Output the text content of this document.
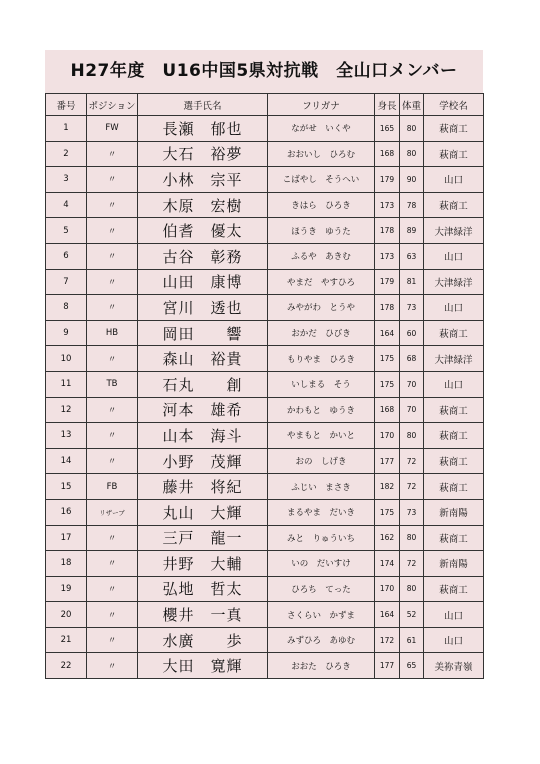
H27年度　U16中国5県対抗戦　全山口メンバー
番号	ポジション	選手氏名	フリガナ	身長	体重	学校名
1	FW	長瀬　郁也	ながせ　いくや	165	80	萩商工
2	〃	大石　裕夢	おおいし　ひろむ	168	80	萩商工
3	〃	小林　宗平	こばやし　そうへい	179	90	山口
4	〃	木原　宏樹	きはら　ひろき	173	78	萩商工
5	〃	伯耆　優太	ほうき　ゆうた	178	89	大津緑洋
6	〃	古谷　彰務	ふるや　あきむ	173	63	山口
7	〃	山田　康博	やまだ　やすひろ	179	81	大津緑洋
8	〃	宮川　透也	みやがわ　とうや	178	73	山口
9	HB	岡田　　響	おかだ　ひびき	164	60	萩商工
10	〃	森山　裕貴	もりやま　ひろき	175	68	大津緑洋
11	TB	石丸　　創	いしまる　そう	175	70	山口
12	〃	河本　雄希	かわもと　ゆうき	168	70	萩商工
13	〃	山本　海斗	やまもと　かいと	170	80	萩商工
14	〃	小野　茂輝	おの　しげき	177	72	萩商工
15	FB	藤井　将紀	ふじい　まさき	182	72	萩商工
16	リザーブ	丸山　大輝	まるやま　だいき	175	73	新南陽
17	〃	三戸　龍一	みと　りゅういち	162	80	萩商工
18	〃	井野　大輔	いの　だいすけ	174	72	新南陽
19	〃	弘地　哲太	ひろち　てった	170	80	萩商工
20	〃	櫻井　一真	さくらい　かずま	164	52	山口
21	〃	水廣　　歩	みずひろ　あゆむ	172	61	山口
22	〃	大田　寛輝	おおた　ひろき	177	65	美祢青嶺
